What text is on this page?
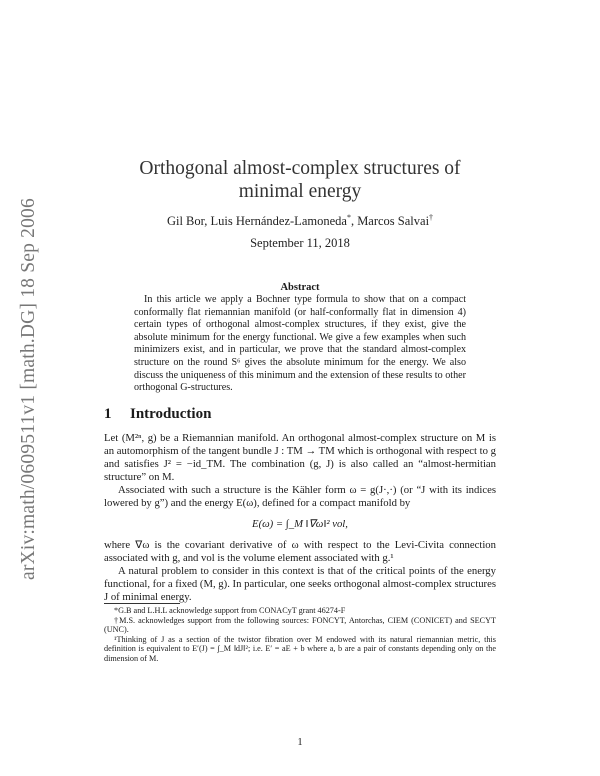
arXiv:math/0609511v1 [math.DG] 18 Sep 2006
Orthogonal almost-complex structures of
minimal energy
Gil Bor, Luis Hernández-Lamoneda*, Marcos Salvai†
September 11, 2018
Abstract
In this article we apply a Bochner type formula to show that on a compact conformally flat riemannian manifold (or half-conformally flat in dimension 4) certain types of orthogonal almost-complex structures, if they exist, give the absolute minimum for the energy functional. We give a few examples when such minimizers exist, and in particular, we prove that the standard almost-complex structure on the round S⁶ gives the absolute minimum for the energy. We also discuss the uniqueness of this minimum and the extension of these results to other orthogonal G-structures.
1 Introduction

Let (M²ⁿ, g) be a Riemannian manifold. An orthogonal almost-complex structure on M is an automorphism of the tangent bundle J : TM → TM which is orthogonal with respect to g and satisfies J² = −id_TM. The combination (g, J) is also called an “almost-hermitian structure” on M.

Associated with such a structure is the Kähler form ω = g(J·,·) (or “J with its indices lowered by g”) and the energy E(ω), defined for a compact manifold by

E(ω) = ∫_M ‖∇ω‖² vol,

where ∇ω is the covariant derivative of ω with respect to the Levi-Civita connection associated with g, and vol is the volume element associated with g.¹

A natural problem to consider in this context is that of the critical points of the energy functional, for a fixed (M, g). In particular, one seeks orthogonal almost-complex structures J of minimal energy.

*G.B and L.H.L acknowledge support from CONACyT grant 46274-F

†M.S. acknowledges support from the following sources: FONCYT, Antorchas, CIEM (CONICET) and SECYT (UNC).

¹Thinking of J as a section of the twistor fibration over M endowed with its natural riemannian metric, this definition is equivalent to E′(J) = ∫_M ‖dJ‖²; i.e. E′ = aE + b where a, b are a pair of constants depending only on the dimension of M.

1
